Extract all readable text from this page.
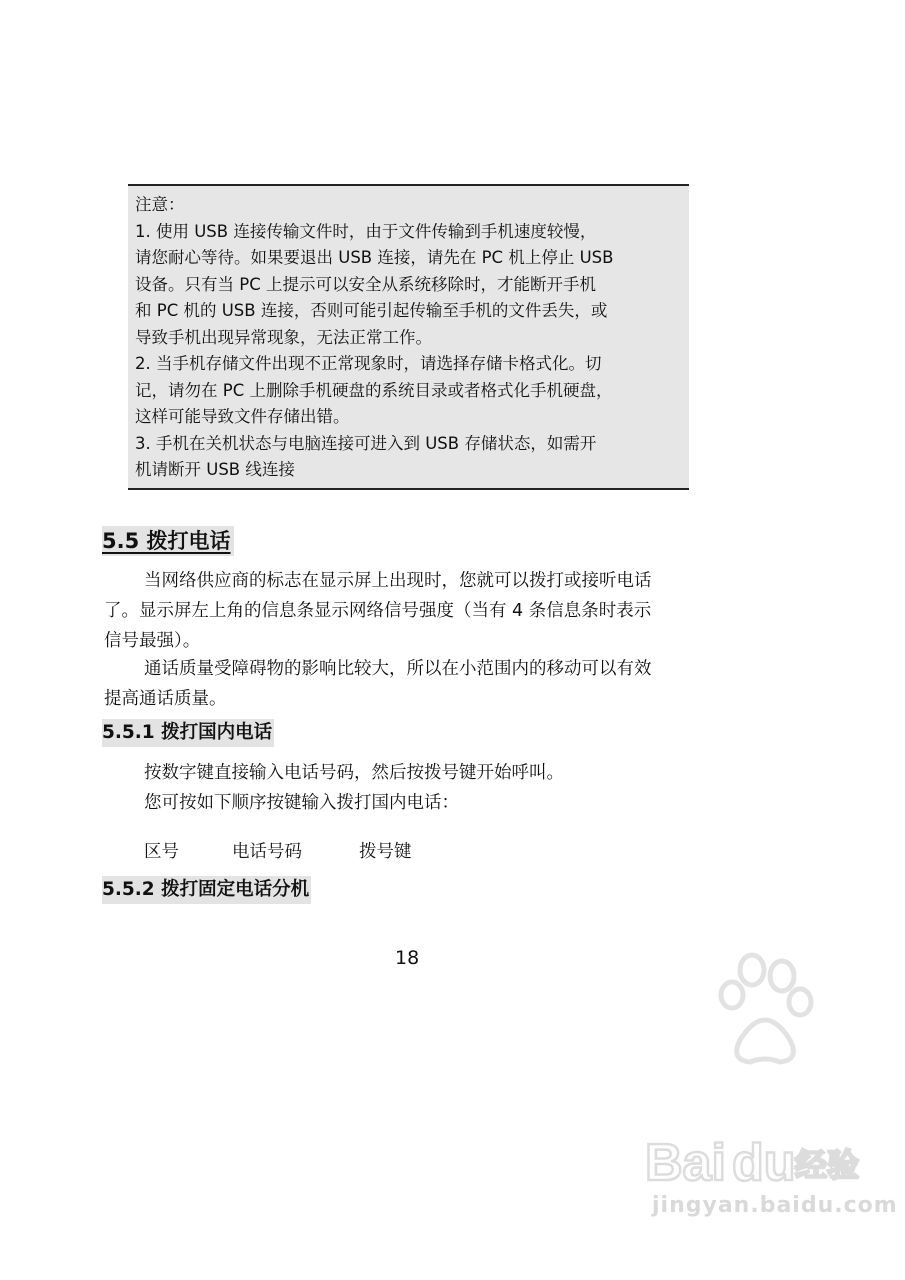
注意：
1. 使用 USB 连接传输文件时，由于文件传输到手机速度较慢，
请您耐心等待。如果要退出 USB 连接，请先在 PC 机上停止 USB
设备。只有当 PC 上提示可以安全从系统移除时，才能断开手机
和 PC 机的 USB 连接，否则可能引起传输至手机的文件丢失，或
导致手机出现异常现象，无法正常工作。
2. 当手机存储文件出现不正常现象时，请选择存储卡格式化。切
记，请勿在 PC 上删除手机硬盘的系统目录或者格式化手机硬盘，
这样可能导致文件存储出错。
3. 手机在关机状态与电脑连接可进入到 USB 存储状态，如需开
机请断开 USB 线连接
5.5 拨打电话
当网络供应商的标志在显示屏上出现时，您就可以拨打或接听电话
了。显示屏左上角的信息条显示网络信号强度（当有 4 条信息条时表示
信号最强）。
通话质量受障碍物的影响比较大，所以在小范围内的移动可以有效
提高通话质量。
5.5.1 拨打国内电话
按数字键直接输入电话号码，然后按拨号键开始呼叫。
您可按如下顺序按键输入拨打国内电话：
区号	电话号码	拨号键
5.5.2 拨打固定电话分机
18
Bai du 经验
jingyan.baidu.com
